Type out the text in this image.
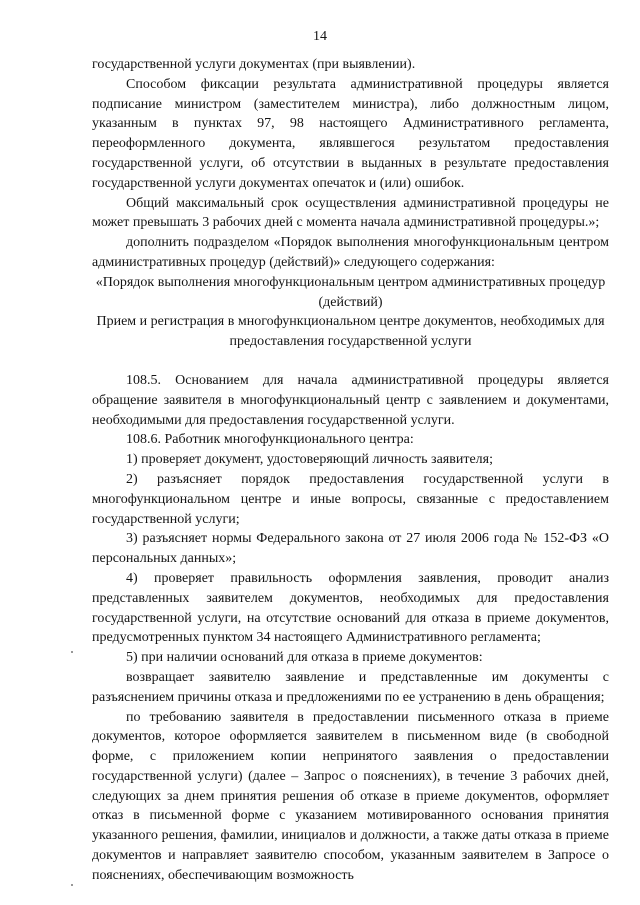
14

государственной услуги документах (при выявлении).

Способом фиксации результата административной процедуры является подписание министром (заместителем министра), либо должностным лицом, указанным в пунктах 97, 98 настоящего Административного регламента, переоформленного документа, являвшегося результатом предоставления государственной услуги, об отсутствии в выданных в результате предоставления государственной услуги документах опечаток и (или) ошибок.

Общий максимальный срок осуществления административной процедуры не может превышать 3 рабочих дней с момента начала административной процедуры.»;

дополнить подразделом «Порядок выполнения многофункциональным центром административных процедур (действий)» следующего содержания:

«Порядок выполнения многофункциональным центром административных процедур (действий)

Прием и регистрация в многофункциональном центре документов, необходимых для предоставления государственной услуги

108.5. Основанием для начала административной процедуры является обращение заявителя в многофункциональный центр с заявлением и документами, необходимыми для предоставления государственной услуги.

108.6. Работник многофункционального центра:

1) проверяет документ, удостоверяющий личность заявителя;

2) разъясняет порядок предоставления государственной услуги в многофункциональном центре и иные вопросы, связанные с предоставлением государственной услуги;

3) разъясняет нормы Федерального закона от 27 июля 2006 года № 152-ФЗ «О персональных данных»;

4) проверяет правильность оформления заявления, проводит анализ представленных заявителем документов, необходимых для предоставления государственной услуги, на отсутствие оснований для отказа в приеме документов, предусмотренных пунктом 34 настоящего Административного регламента;

5) при наличии оснований для отказа в приеме документов:

возвращает заявителю заявление и представленные им документы с разъяснением причины отказа и предложениями по ее устранению в день обращения;

по требованию заявителя в предоставлении письменного отказа в приеме документов, которое оформляется заявителем в письменном виде (в свободной форме, с приложением копии непринятого заявления о предоставлении государственной услуги) (далее – Запрос о пояснениях), в течение 3 рабочих дней, следующих за днем принятия решения об отказе в приеме документов, оформляет отказ в письменной форме с указанием мотивированного основания принятия указанного решения, фамилии, инициалов и должности, а также даты отказа в приеме документов и направляет заявителю способом, указанным заявителем в Запросе о пояснениях, обеспечивающим возможность
